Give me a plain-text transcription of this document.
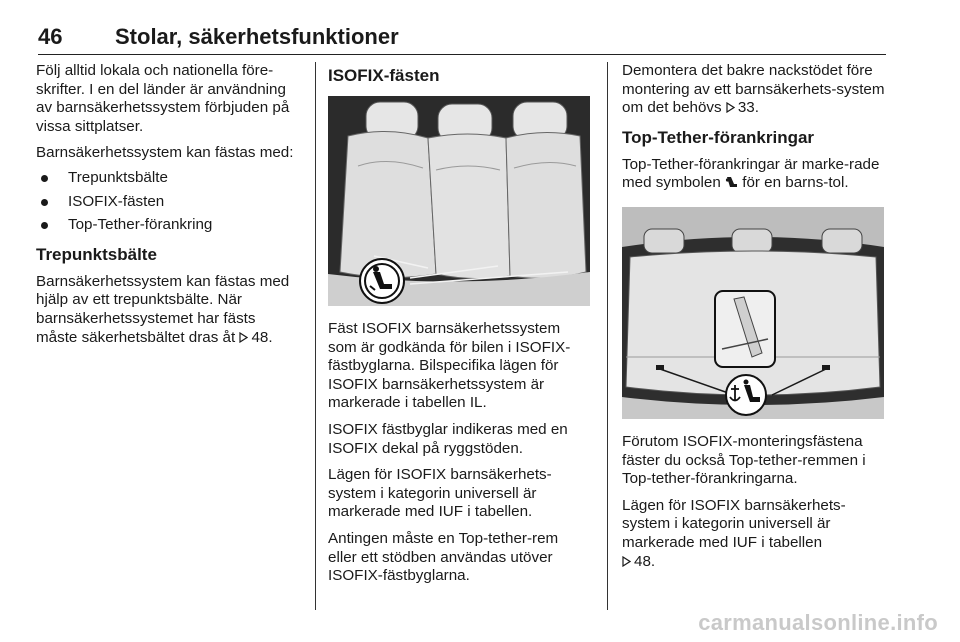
46 Stolar, säkerhetsfunktioner

Följ alltid lokala och nationella före-skrifter. I en del länder är användning av barnsäkerhetssystem förbjuden på vissa sittplatser.

Barnsäkerhetssystem kan fästas med:

Trepunktsbälte
ISOFIX-fästen
Top-Tether-förankring
Trepunktsbälte

Barnsäkerhetssystem kan fästas med hjälp av ett trepunktsbälte. När barnsäkerhetssystemet har fästs måste säkerhetsbältet dras åt 48.

ISOFIX-fästen

Fäst ISOFIX barnsäkerhetssystem som är godkända för bilen i ISOFIX-fästbyglarna. Bilspecifika lägen för ISOFIX barnsäkerhetssystem är markerade i tabellen IL.

ISOFIX fästbyglar indikeras med en ISOFIX dekal på ryggstöden.

Lägen för ISOFIX barnsäkerhets-system i kategorin universell är markerade med IUF i tabellen.

Antingen måste en Top-tether-rem eller ett stödben användas utöver ISOFIX-fästbyglarna.

Demontera det bakre nackstödet före montering av ett barnsäkerhets-system om det behövs 33.

Top-Tether-förankringar

Top-Tether-förankringar är marke-rade med symbolen för en barns-tol.

Förutom ISOFIX-monteringsfästena fäster du också Top-tether-remmen i Top-tether-förankringarna.

Lägen för ISOFIX barnsäkerhets-system i kategorin universell är markerade med IUF i tabellen
48.

carmanualsonline.info
